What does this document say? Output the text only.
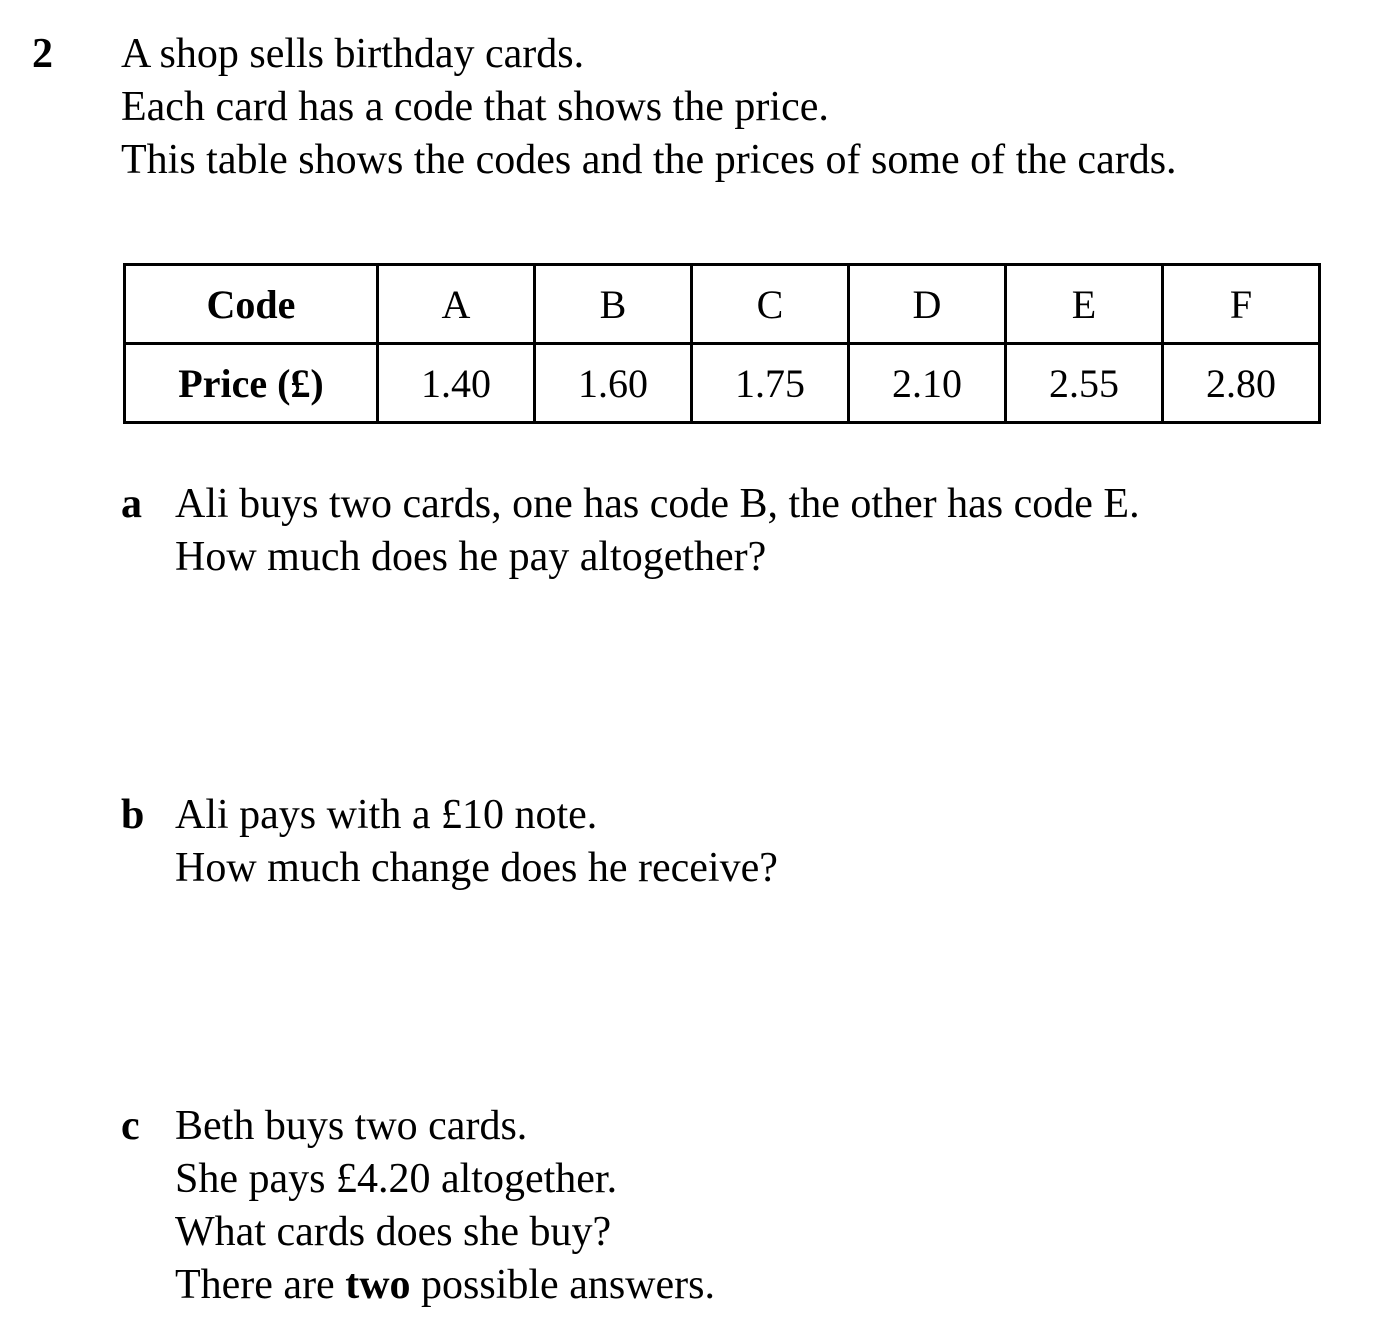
2 A shop sells birthday cards.
Each card has a code that shows the price.
This table shows the codes and the prices of some of the cards.
Code	A	B	C	D	E	F
Price (£)	1.40	1.60	1.75	2.10	2.55	2.80
a Ali buys two cards, one has code B, the other has code E.
How much does he pay altogether?
b Ali pays with a £10 note.
How much change does he receive?
c Beth buys two cards.
She pays £4.20 altogether.
What cards does she buy?
There are two possible answers.
